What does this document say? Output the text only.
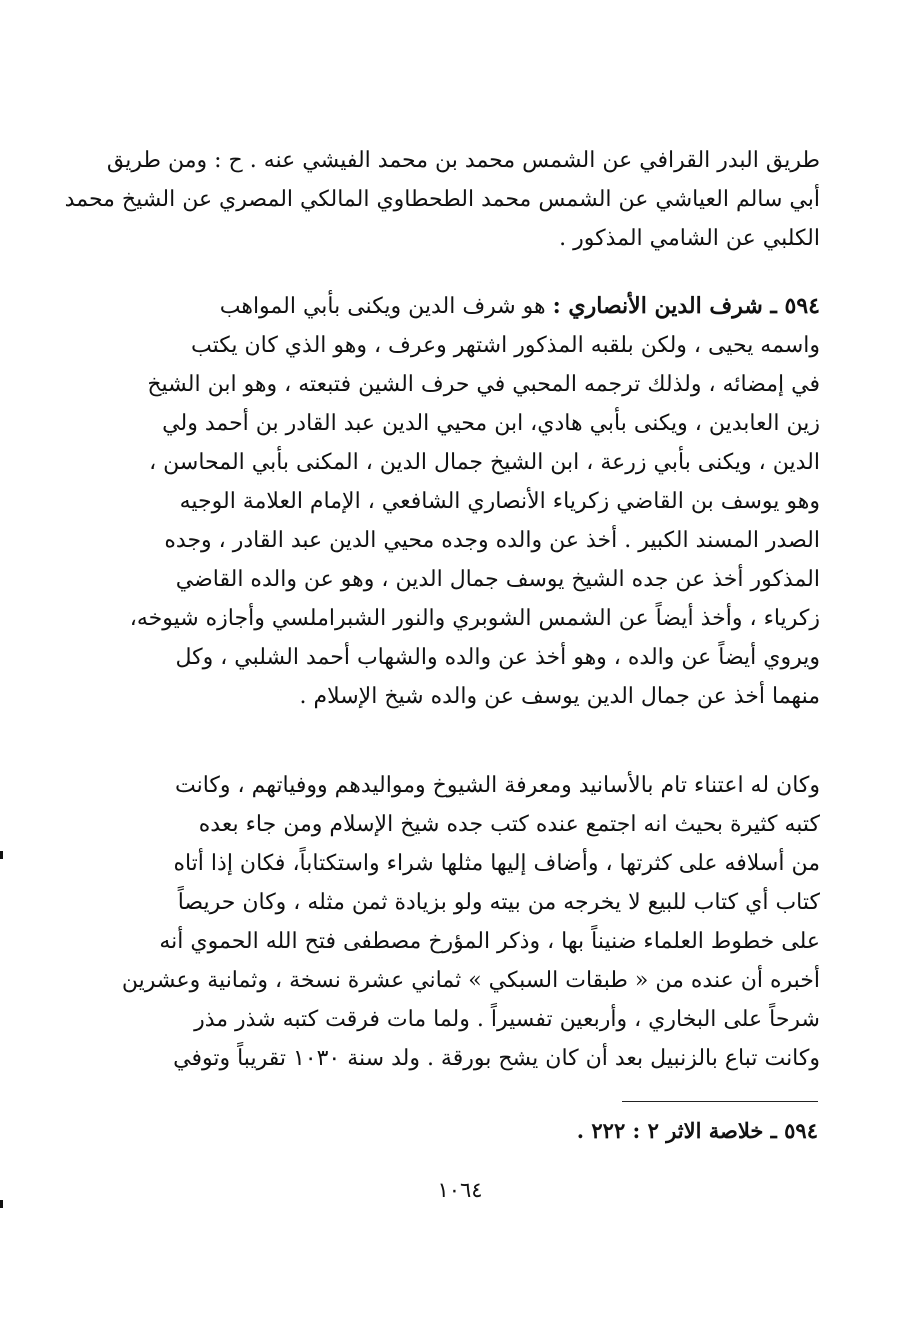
طريق البدر القرافي عن الشمس محمد بن محمد الفيشي عنه . ح : ومن طريق
أبي سالم العياشي عن الشمس محمد الطحطاوي المالكي المصري عن الشيخ محمد
الكلبي عن الشامي المذكور .
٥٩٤ ـ شرف الدين الأنصاري : هو شرف الدين ويكنى بأبي المواهب
واسمه يحيى ، ولكن بلقبه المذكور اشتهر وعرف ، وهو الذي كان يكتب
في إمضائه ، ولذلك ترجمه المحبي في حرف الشين فتبعته ، وهو ابن الشيخ
زين العابدين ، ويكنى بأبي هادي، ابن محيي الدين عبد القادر بن أحمد ولي
الدين ، ويكنى بأبي زرعة ، ابن الشيخ جمال الدين ، المكنى بأبي المحاسن ،
وهو يوسف بن القاضي زكرياء الأنصاري الشافعي ، الإمام العلامة الوجيه
الصدر المسند الكبير . أخذ عن والده وجده محيي الدين عبد القادر ، وجده
المذكور أخذ عن جده الشيخ يوسف جمال الدين ، وهو عن والده القاضي
زكرياء ، وأخذ أيضاً عن الشمس الشوبري والنور الشبراملسي وأجازه شيوخه،
ويروي أيضاً عن والده ، وهو أخذ عن والده والشهاب أحمد الشلبي ، وكل
منهما أخذ عن جمال الدين يوسف عن والده شيخ الإسلام .
وكان له اعتناء تام بالأسانيد ومعرفة الشيوخ ومواليدهم ووفياتهم ، وكانت
كتبه كثيرة بحيث انه اجتمع عنده كتب جده شيخ الإسلام ومن جاء بعده
من أسلافه على كثرتها ، وأضاف إليها مثلها شراء واستكتاباً، فكان إذا أتاه
كتاب أي كتاب للبيع لا يخرجه من بيته ولو بزيادة ثمن مثله ، وكان حريصاً
على خطوط العلماء ضنيناً بها ، وذكر المؤرخ مصطفى فتح الله الحموي أنه
أخبره أن عنده من « طبقات السبكي » ثماني عشرة نسخة ، وثمانية وعشرين
شرحاً على البخاري ، وأربعين تفسيراً . ولما مات فرقت كتبه شذر مذر
وكانت تباع بالزنبيل بعد أن كان يشح بورقة . ولد سنة ١٠٣٠ تقريباً وتوفي
٥٩٤ ـ خلاصة الاثر ٢ : ٢٢٢ .
١٠٦٤
